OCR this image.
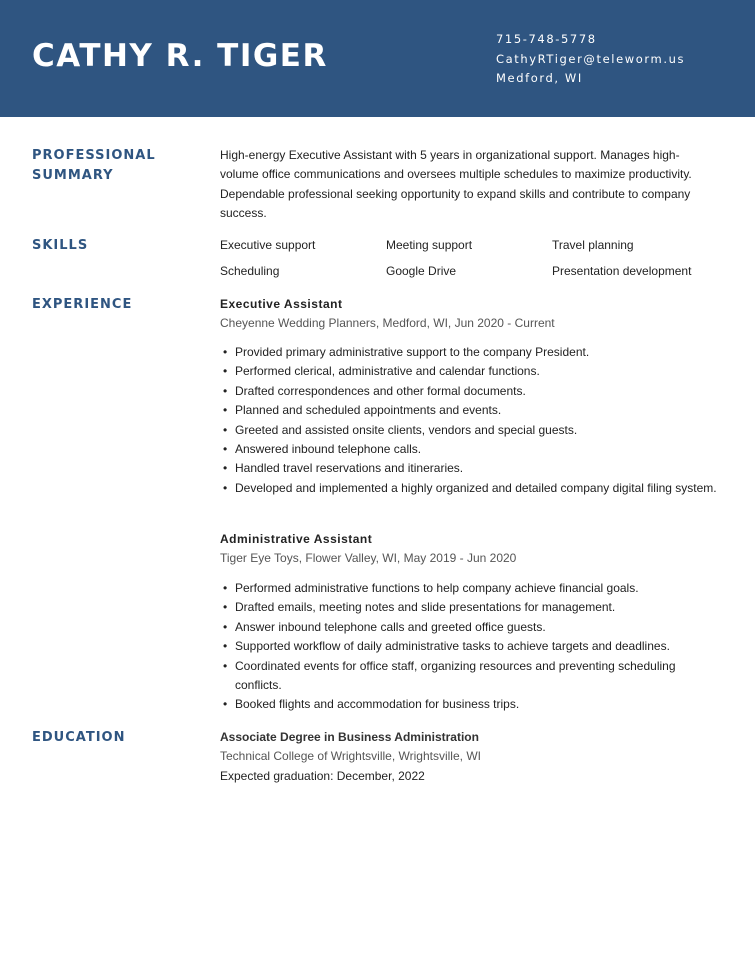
CATHY R. TIGER	715-748-5778
CathyRTiger@teleworm.us
Medford, WI
PROFESSIONAL
SUMMARY
High-energy Executive Assistant with 5 years in organizational support. Manages high-volume office communications and oversees multiple schedules to maximize productivity. Dependable professional seeking opportunity to expand skills and contribute to company success.
SKILLS	Executive support	Meeting support	Travel planning
Scheduling	Google Drive	Presentation development
EXPERIENCE	Executive Assistant
Cheyenne Wedding Planners, Medford, WI, Jun 2020 - Current
• Provided primary administrative support to the company President.
• Performed clerical, administrative and calendar functions.
• Drafted correspondences and other formal documents.
• Planned and scheduled appointments and events.
• Greeted and assisted onsite clients, vendors and special guests.
• Answered inbound telephone calls.
• Handled travel reservations and itineraries.
• Developed and implemented a highly organized and detailed company digital filing system.
Administrative Assistant
Tiger Eye Toys, Flower Valley, WI, May 2019 - Jun 2020
• Performed administrative functions to help company achieve financial goals.
• Drafted emails, meeting notes and slide presentations for management.
• Answer inbound telephone calls and greeted office guests.
• Supported workflow of daily administrative tasks to achieve targets and deadlines.
• Coordinated events for office staff, organizing resources and preventing scheduling conflicts.
• Booked flights and accommodation for business trips.
EDUCATION	Associate Degree in Business Administration
Technical College of Wrightsville, Wrightsville, WI
Expected graduation: December, 2022
